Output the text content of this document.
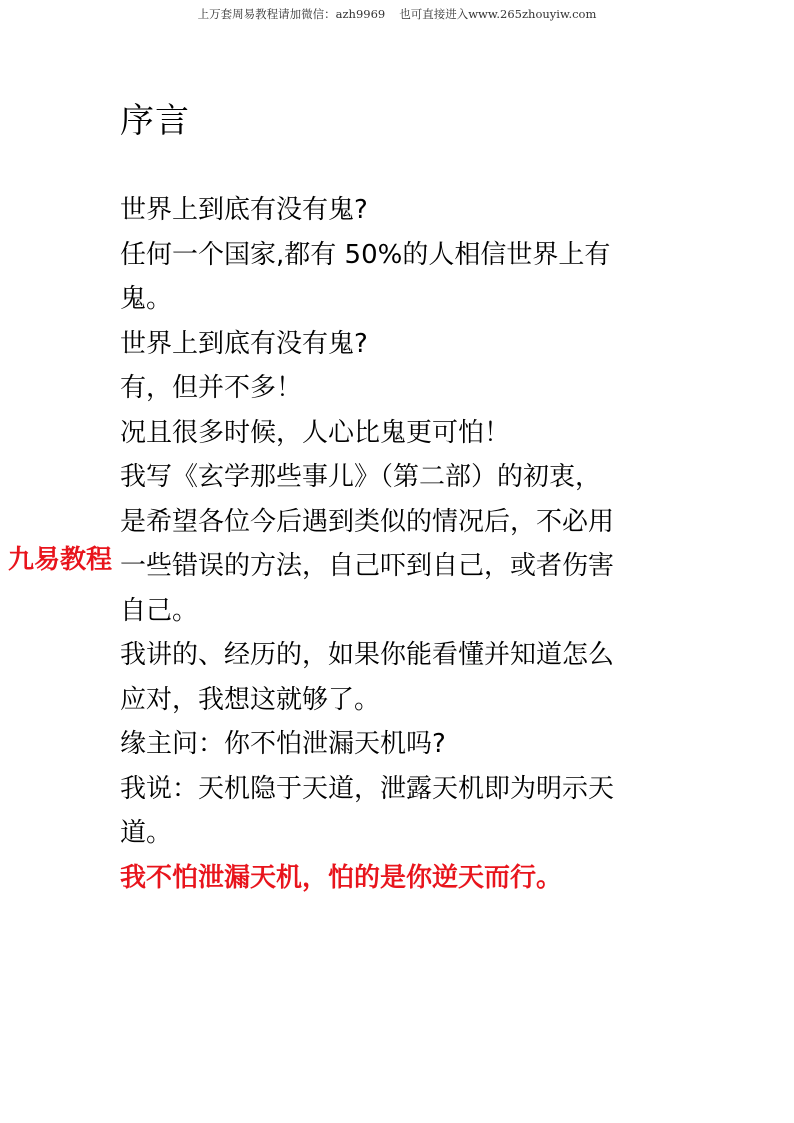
上万套周易教程请加微信：azh9969 也可直接进入www.265zhouyiw.com
序言
世界上到底有没有鬼?
任何一个国家,都有 50%的人相信世界上有
鬼。
世界上到底有没有鬼?
有，但并不多！
况且很多时候，人心比鬼更可怕！
我写《玄学那些事儿》（第二部）的初衷，
是希望各位今后遇到类似的情况后，不必用
一些错误的方法，自己吓到自己，或者伤害
自己。
我讲的、经历的，如果你能看懂并知道怎么
应对，我想这就够了。
缘主问：你不怕泄漏天机吗?
我说：天机隐于天道，泄露天机即为明示天
道。
我不怕泄漏天机，怕的是你逆天而行。
九易教程
